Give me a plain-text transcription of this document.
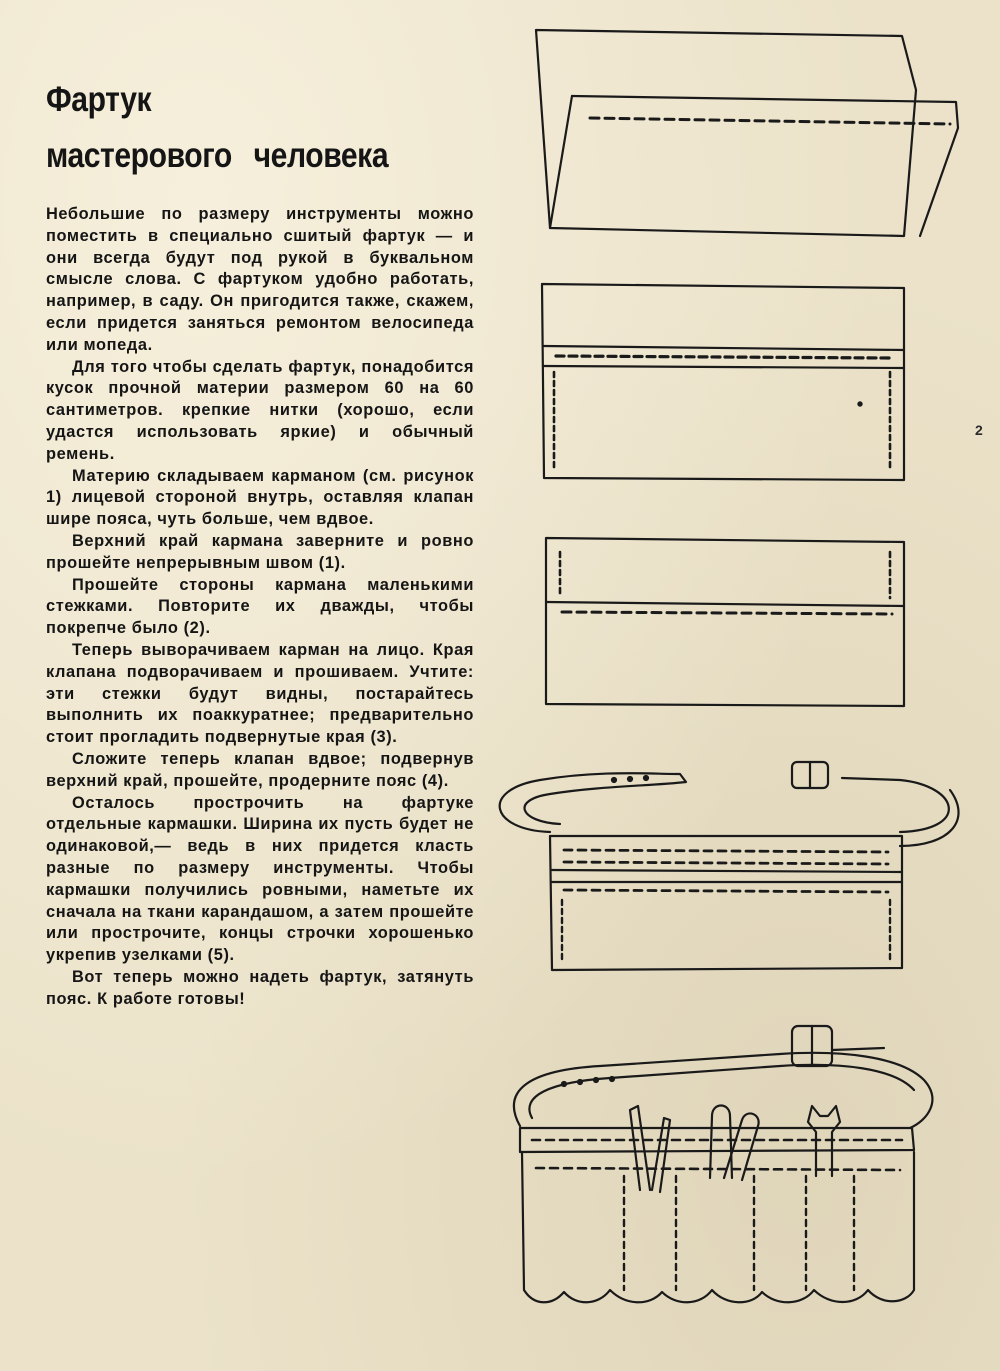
Фартук
мастерового человека

Небольшие по размеру инструменты можно поместить в специально сшитый фартук — и они всегда будут под рукой в буквальном смысле слова. С фартуком удобно работать, например, в саду. Он пригодится также, скажем, если придется заняться ремонтом велосипеда или мопеда.

Для того чтобы сделать фартук, понадобится кусок прочной материи размером 60 на 60 сантиметров. крепкие нитки (хорошо, если удастся использовать яркие) и обычный ремень.

Материю складываем карманом (см. рисунок 1) лицевой стороной внутрь, оставляя клапан шире пояса, чуть больше, чем вдвое.

Верхний край кармана заверните и ровно прошейте непрерывным швом (1).

Прошейте стороны кармана маленькими стежками. Повторите их дважды, чтобы покрепче было (2).

Теперь выворачиваем карман на лицо. Края клапана подворачиваем и прошиваем. Учтите: эти стежки будут видны, постарайтесь выполнить их поаккуратнее; предварительно стоит прогладить подвернутые края (3).

Сложите теперь клапан вдвое; подвернув верхний край, прошейте, продерните пояс (4).

Осталось прострочить на фартуке отдельные кармашки. Ширина их пусть будет не одинаковой,— ведь в них придется класть разные по размеру инструменты. Чтобы кармашки получились ровными, наметьте их сначала на ткани карандашом, а затем прошейте или прострочите, концы строчки хорошенько укрепив узелками (5).

Вот теперь можно надеть фартук, затянуть пояс. К работе готовы!

2
